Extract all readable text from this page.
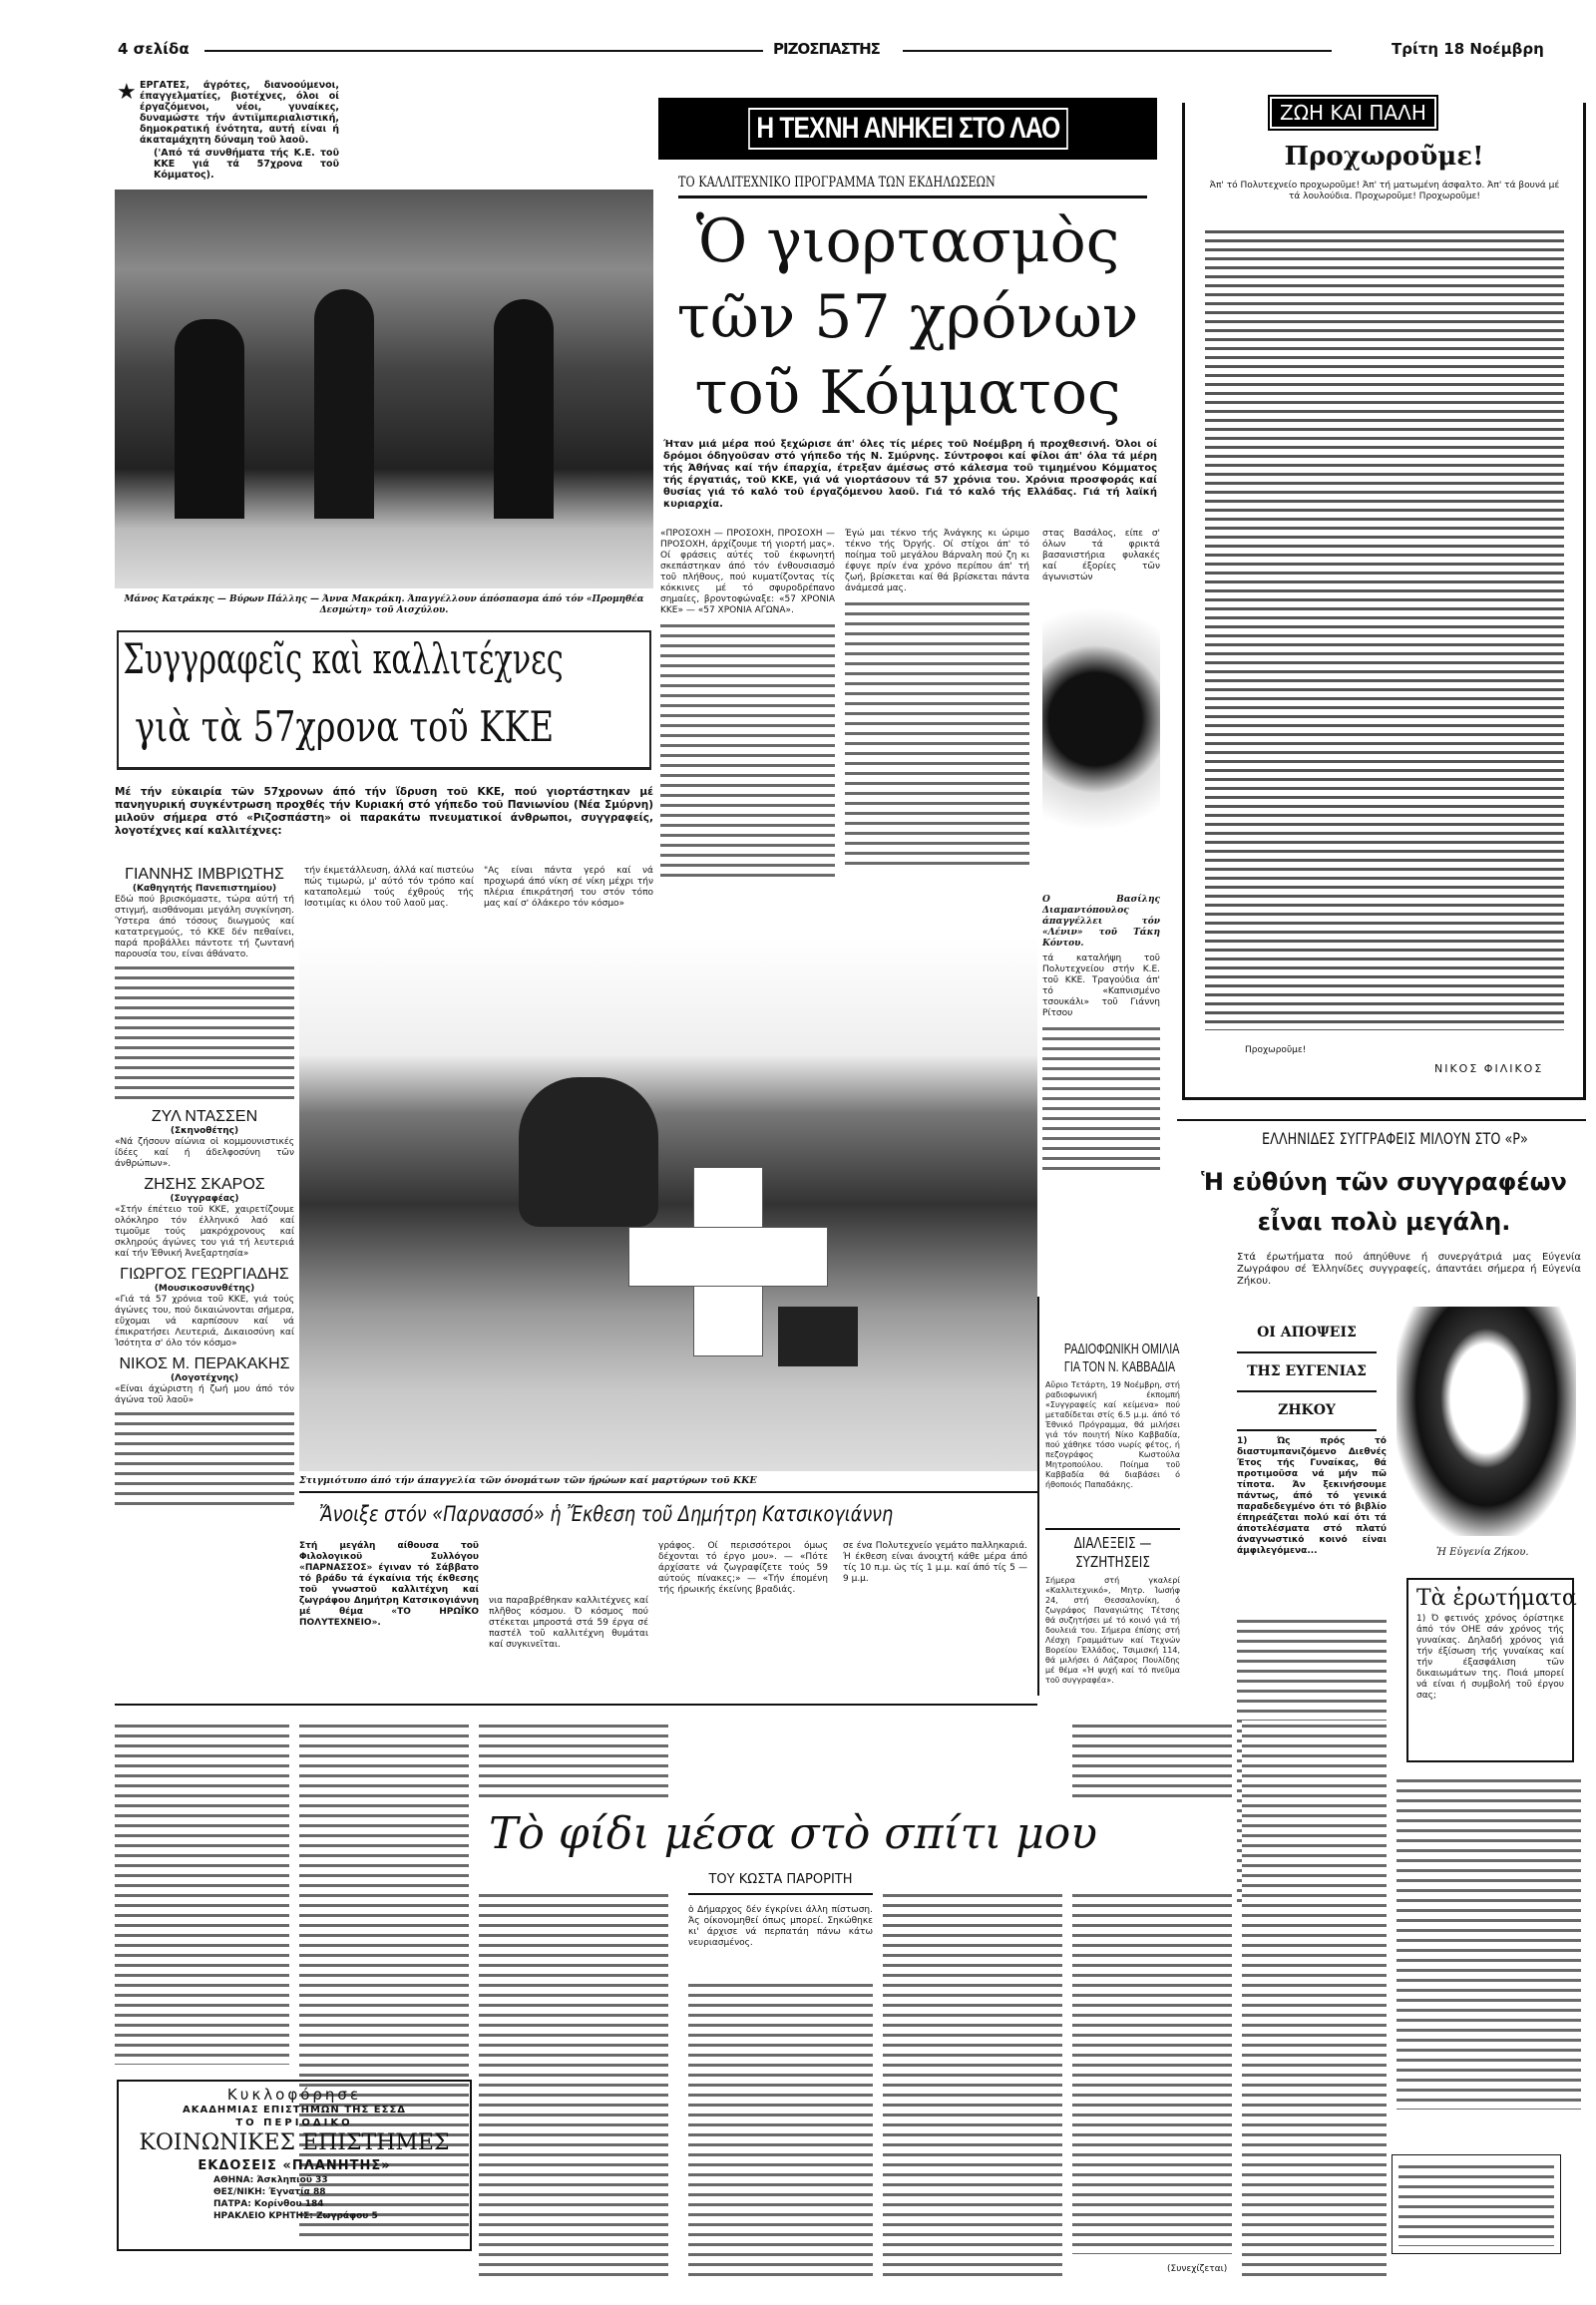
4 σελίδα	ΡΙΖΟΣΠΑΣΤΗΣ	Τρίτη 18 Νοέμβρη
★ ΕΡΓΑΤΕΣ, άγρότες, διανοούμενοι, έπαγγελματίες, βιοτέχνες, όλοι οί έργαζόμενοι, νέοι, γυναίκες, δυναμώστε τήν άντιϊμπεριαλιστική, δημοκρατική ένότητα, αυτή είναι ή άκαταμάχητη δύναμη τοῦ λαοῦ.
('Από τά συνθήματα τής Κ.Ε. τοῦ ΚΚΕ γιά τά 57χρονα τοῦ Κόμματος).
Μάνος Κατράκης — Βύρων Πάλλης — Άννα Μακράκη. Άπαγγέλλουν άπόσπασμα άπό τόν «Προμηθέα Δεσμώτη» τοῦ Αισχύλου.
Συγγραφεῖς καὶ καλλιτέχνες
γιὰ τὰ 57χρονα τοῦ ΚΚΕ
Μέ τήν εὐκαιρία τῶν 57χρονων άπό τήν ἵδρυση τοῦ ΚΚΕ, πού γιορτάστηκαν μέ πανηγυρική συγκέντρωση προχθές τήν Κυριακή στό γήπεδο τοῦ Πανιωνίου (Νέα Σμύρνη) μιλοῦν σήμερα στό «Ριζοσπάστη» οἱ παρακάτω πνευματικοί άνθρωποι, συγγραφείς, λογοτέχνες καί καλλιτέχνες:
ΓΙΑΝΝΗΣ ΙΜΒΡΙΩΤΗΣ
(Καθηγητής Πανεπιστημίου)
Εδώ πού βρισκόμαστε, τώρα αύτή τή στιγμή, αισθάνομαι μεγάλη συγκίνηση. Ύστερα άπό τόσους διωγμούς καί κατατρεγμούς, τό ΚΚΕ δέν πεθαίνει, παρά προβάλλει πάντοτε τή ζωντανή παρουσία του, είναι άθάνατο.
ΖΥΛ ΝΤΑΣΣΕΝ
(Σκηνοθέτης)
«Νά ζήσουν αίώνια οἱ κομμουνιστικές ίδέες καί ή άδελφοσύνη τῶν άνθρώπων».
ΖΗΣΗΣ ΣΚΑΡΟΣ
(Συγγραφέας)
«Στήν έπέτειο τοῦ ΚΚΕ, χαιρετίζουμε ολόκληρο τόν έλληνικό λαό καί τιμοῦμε τούς μακρόχρονους καί σκληρούς άγώνες του γιά τή λευτεριά καί τήν Έθνική Άνεξαρτησία»
ΓΙΩΡΓΟΣ ΓΕΩΡΓΙΑΔΗΣ
(Μουσικοσυνθέτης)
«Γιά τά 57 χρόνια τοῦ ΚΚΕ, γιά τούς άγώνες του, πού δικαιώνονται σήμερα, εὔχομαι νά καρπίσουν καί νά έπικρατήσει Λευτεριά, Δικαιοσύνη καί Ίσότητα σ' όλο τόν κόσμο»
ΝΙΚΟΣ Μ. ΠΕΡΑΚΑΚΗΣ
(Λογοτέχνης)
«Είναι άχώριστη ή ζωή μου άπό τόν άγώνα τοῦ λαοῦ»
τήν έκμετάλλευση, άλλά καί πιστεύω πώς τιμωρώ, μ' αύτό τόν τρόπο καί καταπολεμώ τούς έχθρούς τής Ισοτιμίας κι όλου τοῦ λαοῦ μας.
"Ας είναι πάντα γερό καί νά προχωρά άπό νίκη σέ νίκη μέχρι τήν πλέρια έπικράτησή του στόν τόπο μας καί σ' όλάκερο τόν κόσμο»
Στιγμιότυπο άπό τήν άπαγγελία τῶν όνομάτων τῶν ήρώων καί μαρτύρων τοῦ ΚΚΕ
Η ΤΕΧΝΗ ΑΝΗΚΕΙ ΣΤΟ ΛΑΟ
ΤΟ ΚΑΛΛΙΤΕΧΝΙΚΟ ΠΡΟΓΡΑΜΜΑ ΤΩΝ ΕΚΔΗΛΩΣΕΩΝ
Ὁ γιορτασμὸς
τῶν 57 χρόνων
τοῦ Κόμματος
Ήταν μιά μέρα πού ξεχώρισε άπ' όλες τίς μέρες τοῦ Νοέμβρη ή προχθεσινή. Όλοι οί δρόμοι όδηγοῦσαν στό γήπεδο τής Ν. Σμύρνης. Σύντροφοι καί φίλοι άπ' όλα τά μέρη τής Άθήνας καί τήν έπαρχία, έτρεξαν άμέσως στό κάλεσμα τοῦ τιμημένου Κόμματος τής έργατιάς, τοῦ ΚΚΕ, γιά νά γιορτάσουν τά 57 χρόνια του. Χρόνια προσφοράς καί θυσίας γιά τό καλό τοῦ έργαζόμενου λαοῦ. Γιά τό καλό τής Ελλάδας. Γιά τή λαϊκή κυριαρχία.
«ΠΡΟΣΟΧΗ — ΠΡΟΣΟΧΗ, ΠΡΟΣΟΧΗ — ΠΡΟΣΟΧΗ, άρχίζουμε τή γιορτή μας». Οί φράσεις αύτές τοῦ έκφωνητή σκεπάστηκαν άπό τόν ένθουσιασμό τοῦ πλήθους, πού κυματίζοντας τίς κόκκινες μέ τό σφυροδρέπανο σημαίες, βροντοφώναξε: «57 ΧΡΟΝΙΑ ΚΚΕ» — «57 ΧΡΟΝΙΑ ΑΓΩΝΑ».
Έγώ μαι τέκνο τής Άνάγκης κι ώριμο τέκνο τής Όργής. Οί στίχοι άπ' τό ποίημα τοῦ μεγάλου Βάρναλη πού ζη κι έφυγε πρίν ένα χρόνο περίπου άπ' τή ζωή, βρίσκεται καί θά βρίσκεται πάντα άνάμεσά μας.
στας Βασάλος, είπε σ' όλων τά φρικτά βασανιστήρια φυλακές καί έξορίες τῶν άγωνιστών
Ο Βασίλης Διαμαντόπουλος άπαγγέλλει τόν «Λένιν» τοῦ Τάκη Κόντου.
τά καταλήψη τοῦ Πολυτεχνείου στήν Κ.Ε. τοῦ ΚΚΕ. Τραγούδια άπ' τό «Καπνισμένο τσουκάλι» τοῦ Γιάννη Ρίτσου
ΖΩΗ ΚΑΙ ΠΑΛΗ
Προχωροῦμε!
Άπ' τό Πολυτεχνείο προχωροῦμε! Άπ' τή ματωμένη άσφαλτο. Άπ' τά βουνά μέ τά λουλούδια. Προχωροῦμε! Προχωροῦμε!
Προχωροῦμε!
ΝΙΚΟΣ ΦΙΛΙΚΟΣ
ΕΛΛΗΝΙΔΕΣ ΣΥΓΓΡΑΦΕΙΣ ΜΙΛΟΥΝ ΣΤΟ «Ρ»
Ἡ εὐθύνη τῶν συγγραφέων
εἶναι πολὺ μεγάλη.
Στά έρωτήματα πού άπηύθυνε ή συνεργάτριά μας Εύγενία Ζωγράφου σέ Έλληνίδες συγγραφείς, άπαντάει σήμερα ή Εύγενία Ζήκου.
ΟΙ ΑΠΟΨΕΙΣ
ΤΗΣ ΕΥΓΕΝΙΑΣ
ΖΗΚΟΥ
1) Ώς πρός τό διαστυμπανιζόμενο Διεθνές Έτος τής Γυναίκας, θά προτιμοῦσα νά μήν πῶ τίποτα. Άν ξεκινήσουμε πάντως, άπό τό γενικά παραδεδεγμένο ότι τό βιβλίο έπηρεάζεται πολύ καί ότι τά άποτελέσματα στό πλατύ άναγνωστικό κοινό είναι άμφιλεγόμενα...	Ἡ Εὐγενία Ζήκου.
Τὰ ἐρωτήματα
1) Ό φετινός χρόνος όρίστηκε άπό τόν ΟΗΕ σάν χρόνος τής γυναίκας. Δηλαδή χρόνος γιά τήν έξίσωση τής γυναίκας καί τήν έξασφάλιση τῶν δικαιωμάτων της. Ποιά μπορεί νά είναι ή συμβολή τοῦ έργου σας;
ΡΑΔΙΟΦΩΝΙΚΗ ΟΜΙΛΙΑ
ΓΙΑ ΤΟΝ Ν. ΚΑΒΒΑΔΙΑ
Αὔριο Τετάρτη, 19 Νοέμβρη, στή ραδιοφωνική έκπομπή «Συγγραφείς καί κείμενα» πού μεταδίδεται στίς 6.5 μ.μ. άπό τό Έθνικό Πρόγραμμα, θά μιλήσει γιά τόν ποιητή Νίκο Καββαδία, πού χάθηκε τόσο νωρίς φέτος, ή πεζογράφος Κωστούλα Μητροπούλου. Ποίημα τοῦ Καββαδία θά διαβάσει ό ήθοποιός Παπαδάκης.
ΔΙΑΛΕΞΕΙΣ —
ΣΥΖΗΤΗΣΕΙΣ
Σήμερα στή γκαλερί «Καλλιτεχνικό», Μητρ. Ίωσήφ 24, στή Θεσσαλονίκη, ό ζωγράφος Παναγιώτης Τέτσης θά συζητήσει μέ τό κοινό γιά τή δουλειά του. Σήμερα έπίσης στή Λέσχη Γραμμάτων καί Τεχνών Βορείου Έλλάδος, Τσιμισκή 114, θά μιλήσει ό Λάζαρος Πουλίδης μέ θέμα «Ή ψυχή καί τό πνεῦμα τοῦ συγγραφέα».
Ἄνοιξε στόν «Παρνασσό» ἡ Ἔκθεση τοῦ Δημήτρη Κατσικογιάννη
Στή μεγάλη αίθουσα τοῦ Φιλολογικοῦ Συλλόγου «ΠΑΡΝΑΣΣΟΣ» έγιναν τό Σάββατο τό βράδυ τά έγκαίνια τής έκθεσης τοῦ γνωστοῦ καλλιτέχνη καί ζωγράφου Δημήτρη Κατσικογιάννη μέ θέμα «ΤΟ ΗΡΩΪΚΟ ΠΟΛΥΤΕΧΝΕΙΟ».
νια παραβρέθηκαν καλλιτέχνες καί πλῆθος κόσμου. Ό κόσμος πού στέκεται μπροστά στά 59 έργα σέ παστέλ τοῦ καλλιτέχνη θυμάται καί συγκινεῖται.
γράφος. Οί περισσότεροι όμως δέχονται τό έργο μου». — «Πότε άρχίσατε νά ζωγραφίζετε τούς 59 αύτούς πίνακες;» — «Τήν έπομένη τής ήρωικής έκείνης βραδιάς.
σε ένα Πολυτεχνείο γεμάτο παλληκαριά. Ή έκθεση είναι άνοιχτή κάθε μέρα άπό τίς 10 π.μ. ὡς τίς 1 μ.μ. καί άπό τίς 5 — 9 μ.μ.
Τὸ φίδι μέσα στὸ σπίτι μου
ΤΟΥ ΚΩΣΤΑ ΠΑΡΟΡΙΤΗ
ὁ Δήμαρχος δέν έγκρίνει άλλη πίστωση. Άς οίκονομηθεί όπως μπορεί. Σηκώθηκε κι' άρχισε νά περπατάη πάνω κάτω νευριασμένος.
(Συνεχίζεται)
Κυκλοφόρησε
ΑΚΑΔΗΜΙΑΣ ΕΠΙΣΤΗΜΩΝ ΤΗΣ ΕΣΣΔ
ΤΟ ΠΕΡΙΟΔΙΚΟ
ΚΟΙΝΩΝΙΚΕΣ ΕΠΙΣΤΗΜΕΣ
ΕΚΔΟΣΕΙΣ «ΠΛΑΝΗΤΗΣ»
ΑΘΗΝΑ: Άσκληπιοῦ 33
ΘΕΣ/ΝΙΚΗ: Έγνατία 88
ΠΑΤΡΑ: Κορίνθου 184
ΗΡΑΚΛΕΙΟ ΚΡΗΤΗΣ: Ζωγράφου 5
